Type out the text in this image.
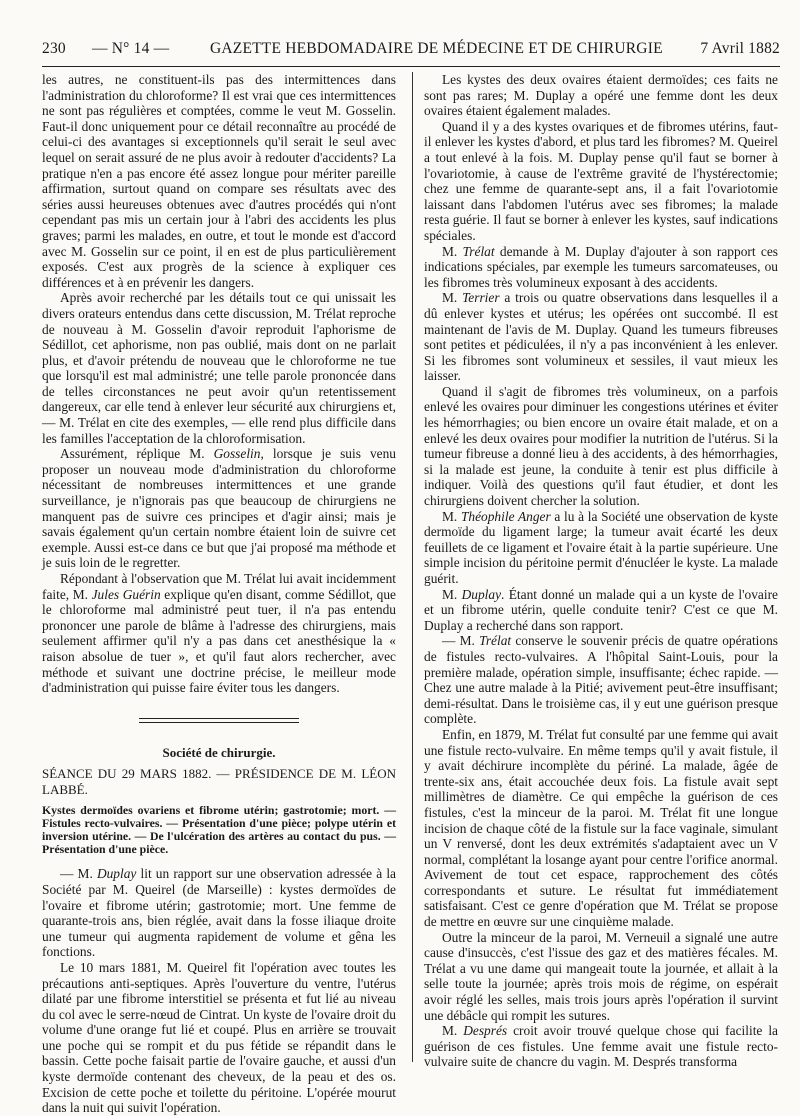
230 — N° 14 —	GAZETTE HEBDOMADAIRE DE MÉDECINE ET DE CHIRURGIE 7 Avril 1882

les autres, ne constituent-ils pas des intermittences dans l'administration du chloroforme? Il est vrai que ces intermittences ne sont pas régulières et comptées, comme le veut M. Gosselin. Faut-il donc uniquement pour ce détail reconnaître au procédé de celui-ci des avantages si exceptionnels qu'il serait le seul avec lequel on serait assuré de ne plus avoir à redouter d'accidents? La pratique n'en a pas encore été assez longue pour mériter pareille affirmation, surtout quand on compare ses résultats avec des séries aussi heureuses obtenues avec d'autres procédés qui n'ont cependant pas mis un certain jour à l'abri des accidents les plus graves; parmi les malades, en outre, et tout le monde est d'accord avec M. Gosselin sur ce point, il en est de plus particulièrement exposés. C'est aux progrès de la science à expliquer ces différences et à en prévenir les dangers.

Après avoir recherché par les détails tout ce qui unissait les divers orateurs entendus dans cette discussion, M. Trélat reproche de nouveau à M. Gosselin d'avoir reproduit l'aphorisme de Sédillot, cet aphorisme, non pas oublié, mais dont on ne parlait plus, et d'avoir prétendu de nouveau que le chloroforme ne tue que lorsqu'il est mal administré; une telle parole prononcée dans de telles circonstances ne peut avoir qu'un retentissement dangereux, car elle tend à enlever leur sécurité aux chirurgiens et, — M. Trélat en cite des exemples, — elle rend plus difficile dans les familles l'acceptation de la chloroformisation.

Assurément, réplique M. Gosselin, lorsque je suis venu proposer un nouveau mode d'administration du chloroforme nécessitant de nombreuses intermittences et une grande surveillance, je n'ignorais pas que beaucoup de chirurgiens ne manquent pas de suivre ces principes et d'agir ainsi; mais je savais également qu'un certain nombre étaient loin de suivre cet exemple. Aussi est-ce dans ce but que j'ai proposé ma méthode et je suis loin de le regretter.

Répondant à l'observation que M. Trélat lui avait incidemment faite, M. Jules Guérin explique qu'en disant, comme Sédillot, que le chloroforme mal administré peut tuer, il n'a pas entendu prononcer une parole de blâme à l'adresse des chirurgiens, mais seulement affirmer qu'il n'y a pas dans cet anesthésique la « raison absolue de tuer », et qu'il faut alors rechercher, avec méthode et suivant une doctrine précise, le meilleur mode d'administration qui puisse faire éviter tous les dangers.

Société de chirurgie.

SÉANCE DU 29 MARS 1882. — PRÉSIDENCE DE M. LÉON LABBÉ.

Kystes dermoïdes ovariens et fibrome utérin; gastrotomie; mort. — Fistules recto-vulvaires. — Présentation d'une pièce; polype utérin et inversion utérine. — De l'ulcération des artères au contact du pus. — Présentation d'une pièce.

— M. Duplay lit un rapport sur une observation adressée à la Société par M. Queirel (de Marseille) : kystes dermoïdes de l'ovaire et fibrome utérin; gastrotomie; mort. Une femme de quarante-trois ans, bien réglée, avait dans la fosse iliaque droite une tumeur qui augmenta rapidement de volume et gêna les fonctions.

Le 10 mars 1881, M. Queirel fit l'opération avec toutes les précautions anti-septiques. Après l'ouverture du ventre, l'utérus dilaté par une fibrome interstitiel se présenta et fut lié au niveau du col avec le serre-nœud de Cintrat. Un kyste de l'ovaire droit du volume d'une orange fut lié et coupé. Plus en arrière se trouvait une poche qui se rompit et du pus fétide se répandit dans le bassin. Cette poche faisait partie de l'ovaire gauche, et aussi d'un kyste dermoïde contenant des cheveux, de la peau et des os. Excision de cette poche et toilette du péritoine. L'opérée mourut dans la nuit qui suivit l'opération.

Les kystes des deux ovaires étaient dermoïdes; ces faits ne sont pas rares; M. Duplay a opéré une femme dont les deux ovaires étaient également malades.

Quand il y a des kystes ovariques et de fibromes utérins, faut-il enlever les kystes d'abord, et plus tard les fibromes? M. Queirel a tout enlevé à la fois. M. Duplay pense qu'il faut se borner à l'ovariotomie, à cause de l'extrême gravité de l'hystérectomie; chez une femme de quarante-sept ans, il a fait l'ovariotomie laissant dans l'abdomen l'utérus avec ses fibromes; la malade resta guérie. Il faut se borner à enlever les kystes, sauf indications spéciales.

M. Trélat demande à M. Duplay d'ajouter à son rapport ces indications spéciales, par exemple les tumeurs sarcomateuses, ou les fibromes très volumineux exposant à des accidents.

M. Terrier a trois ou quatre observations dans lesquelles il a dû enlever kystes et utérus; les opérées ont succombé. Il est maintenant de l'avis de M. Duplay. Quand les tumeurs fibreuses sont petites et pédiculées, il n'y a pas inconvénient à les enlever. Si les fibromes sont volumineux et sessiles, il vaut mieux les laisser.

Quand il s'agit de fibromes très volumineux, on a parfois enlevé les ovaires pour diminuer les congestions utérines et éviter les hémorrhagies; ou bien encore un ovaire était malade, et on a enlevé les deux ovaires pour modifier la nutrition de l'utérus. Si la tumeur fibreuse a donné lieu à des accidents, à des hémorrhagies, si la malade est jeune, la conduite à tenir est plus difficile à indiquer. Voilà des questions qu'il faut étudier, et dont les chirurgiens doivent chercher la solution.

M. Théophile Anger a lu à la Société une observation de kyste dermoïde du ligament large; la tumeur avait écarté les deux feuillets de ce ligament et l'ovaire était à la partie supérieure. Une simple incision du péritoine permit d'énucléer le kyste. La malade guérit.

M. Duplay. Étant donné un malade qui a un kyste de l'ovaire et un fibrome utérin, quelle conduite tenir? C'est ce que M. Duplay a recherché dans son rapport.

— M. Trélat conserve le souvenir précis de quatre opérations de fistules recto-vulvaires. A l'hôpital Saint-Louis, pour la première malade, opération simple, insuffisante; échec rapide. — Chez une autre malade à la Pitié; avivement peut-être insuffisant; demi-résultat. Dans le troisième cas, il y eut une guérison presque complète.

Enfin, en 1879, M. Trélat fut consulté par une femme qui avait une fistule recto-vulvaire. En même temps qu'il y avait fistule, il y avait déchirure incomplète du périné. La malade, âgée de trente-six ans, était accouchée deux fois. La fistule avait sept millimètres de diamètre. Ce qui empêche la guérison de ces fistules, c'est la minceur de la paroi. M. Trélat fit une longue incision de chaque côté de la fistule sur la face vaginale, simulant un V renversé, dont les deux extrémités s'adaptaient avec un V normal, complétant la losange ayant pour centre l'orifice anormal. Avivement de tout cet espace, rapprochement des côtés correspondants et suture. Le résultat fut immédiatement satisfaisant. C'est ce genre d'opération que M. Trélat se propose de mettre en œuvre sur une cinquième malade.

Outre la minceur de la paroi, M. Verneuil a signalé une autre cause d'insuccès, c'est l'issue des gaz et des matières fécales. M. Trélat a vu une dame qui mangeait toute la journée, et allait à la selle toute la journée; après trois mois de régime, on espérait avoir réglé les selles, mais trois jours après l'opération il survint une débâcle qui rompit les sutures.

M. Després croit avoir trouvé quelque chose qui facilite la guérison de ces fistules. Une femme avait une fistule recto-vulvaire suite de chancre du vagin. M. Després transforma
